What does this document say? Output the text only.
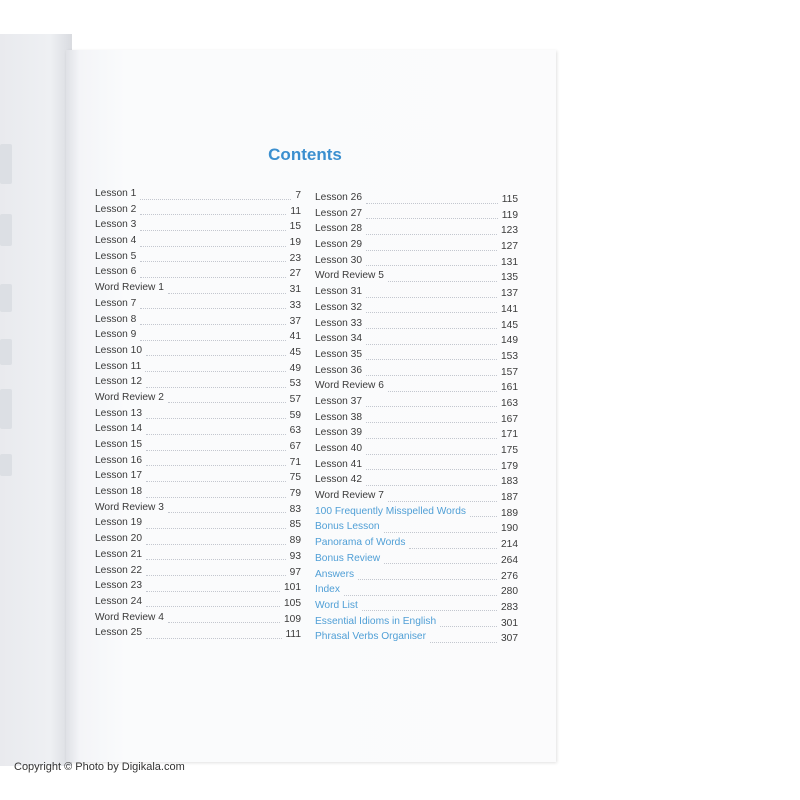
Contents
Lesson 1	7
Lesson 2	11
Lesson 3	15
Lesson 4	19
Lesson 5	23
Lesson 6	27
Word Review 1	31
Lesson 7	33
Lesson 8	37
Lesson 9	41
Lesson 10	45
Lesson 11	49
Lesson 12	53
Word Review 2	57
Lesson 13	59
Lesson 14	63
Lesson 15	67
Lesson 16	71
Lesson 17	75
Lesson 18	79
Word Review 3	83
Lesson 19	85
Lesson 20	89
Lesson 21	93
Lesson 22	97
Lesson 23	101
Lesson 24	105
Word Review 4	109
Lesson 25	111
Lesson 26	115
Lesson 27	119
Lesson 28	123
Lesson 29	127
Lesson 30	131
Word Review 5	135
Lesson 31	137
Lesson 32	141
Lesson 33	145
Lesson 34	149
Lesson 35	153
Lesson 36	157
Word Review 6	161
Lesson 37	163
Lesson 38	167
Lesson 39	171
Lesson 40	175
Lesson 41	179
Lesson 42	183
Word Review 7	187
100 Frequently Misspelled Words	189
Bonus Lesson	190
Panorama of Words	214
Bonus Review	264
Answers	276
Index	280
Word List	283
Essential Idioms in English	301
Phrasal Verbs Organiser	307
Copyright © Photo by Digikala.com
